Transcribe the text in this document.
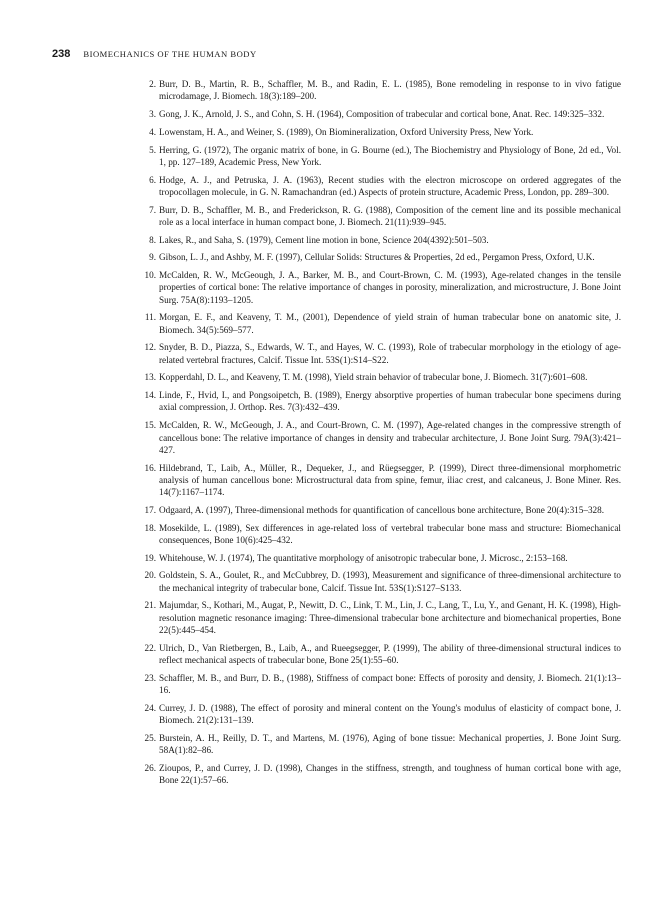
238 BIOMECHANICS OF THE HUMAN BODY
2. Burr, D. B., Martin, R. B., Schaffler, M. B., and Radin, E. L. (1985), Bone remodeling in response to in vivo fatigue microdamage, J. Biomech. 18(3):189–200.
3. Gong, J. K., Arnold, J. S., and Cohn, S. H. (1964), Composition of trabecular and cortical bone, Anat. Rec. 149:325–332.
4. Lowenstam, H. A., and Weiner, S. (1989), On Biomineralization, Oxford University Press, New York.
5. Herring, G. (1972), The organic matrix of bone, in G. Bourne (ed.), The Biochemistry and Physiology of Bone, 2d ed., Vol. 1, pp. 127–189, Academic Press, New York.
6. Hodge, A. J., and Petruska, J. A. (1963), Recent studies with the electron microscope on ordered aggregates of the tropocollagen molecule, in G. N. Ramachandran (ed.) Aspects of protein structure, Academic Press, London, pp. 289–300.
7. Burr, D. B., Schaffler, M. B., and Frederickson, R. G. (1988), Composition of the cement line and its possible mechanical role as a local interface in human compact bone, J. Biomech. 21(11):939–945.
8. Lakes, R., and Saha, S. (1979), Cement line motion in bone, Science 204(4392):501–503.
9. Gibson, L. J., and Ashby, M. F. (1997), Cellular Solids: Structures & Properties, 2d ed., Pergamon Press, Oxford, U.K.
10. McCalden, R. W., McGeough, J. A., Barker, M. B., and Court-Brown, C. M. (1993), Age-related changes in the tensile properties of cortical bone: The relative importance of changes in porosity, mineralization, and microstructure, J. Bone Joint Surg. 75A(8):1193–1205.
11. Morgan, E. F., and Keaveny, T. M., (2001), Dependence of yield strain of human trabecular bone on anatomic site, J. Biomech. 34(5):569–577.
12. Snyder, B. D., Piazza, S., Edwards, W. T., and Hayes, W. C. (1993), Role of trabecular morphology in the etiology of age-related vertebral fractures, Calcif. Tissue Int. 53S(1):S14–S22.
13. Kopperdahl, D. L., and Keaveny, T. M. (1998), Yield strain behavior of trabecular bone, J. Biomech. 31(7):601–608.
14. Linde, F., Hvid, I., and Pongsoipetch, B. (1989), Energy absorptive properties of human trabecular bone specimens during axial compression, J. Orthop. Res. 7(3):432–439.
15. McCalden, R. W., McGeough, J. A., and Court-Brown, C. M. (1997), Age-related changes in the compressive strength of cancellous bone: The relative importance of changes in density and trabecular architecture, J. Bone Joint Surg. 79A(3):421–427.
16. Hildebrand, T., Laib, A., Müller, R., Dequeker, J., and Rüegsegger, P. (1999), Direct three-dimensional morphometric analysis of human cancellous bone: Microstructural data from spine, femur, iliac crest, and calcaneus, J. Bone Miner. Res. 14(7):1167–1174.
17. Odgaard, A. (1997), Three-dimensional methods for quantification of cancellous bone architecture, Bone 20(4):315–328.
18. Mosekilde, L. (1989), Sex differences in age-related loss of vertebral trabecular bone mass and structure: Biomechanical consequences, Bone 10(6):425–432.
19. Whitehouse, W. J. (1974), The quantitative morphology of anisotropic trabecular bone, J. Microsc., 2:153–168.
20. Goldstein, S. A., Goulet, R., and McCubbrey, D. (1993), Measurement and significance of three-dimensional architecture to the mechanical integrity of trabecular bone, Calcif. Tissue Int. 53S(1):S127–S133.
21. Majumdar, S., Kothari, M., Augat, P., Newitt, D. C., Link, T. M., Lin, J. C., Lang, T., Lu, Y., and Genant, H. K. (1998), High-resolution magnetic resonance imaging: Three-dimensional trabecular bone architecture and biomechanical properties, Bone 22(5):445–454.
22. Ulrich, D., Van Rietbergen, B., Laib, A., and Rueegsegger, P. (1999), The ability of three-dimensional structural indices to reflect mechanical aspects of trabecular bone, Bone 25(1):55–60.
23. Schaffler, M. B., and Burr, D. B., (1988), Stiffness of compact bone: Effects of porosity and density, J. Biomech. 21(1):13–16.
24. Currey, J. D. (1988), The effect of porosity and mineral content on the Young's modulus of elasticity of compact bone, J. Biomech. 21(2):131–139.
25. Burstein, A. H., Reilly, D. T., and Martens, M. (1976), Aging of bone tissue: Mechanical properties, J. Bone Joint Surg. 58A(1):82–86.
26. Zioupos, P., and Currey, J. D. (1998), Changes in the stiffness, strength, and toughness of human cortical bone with age, Bone 22(1):57–66.
